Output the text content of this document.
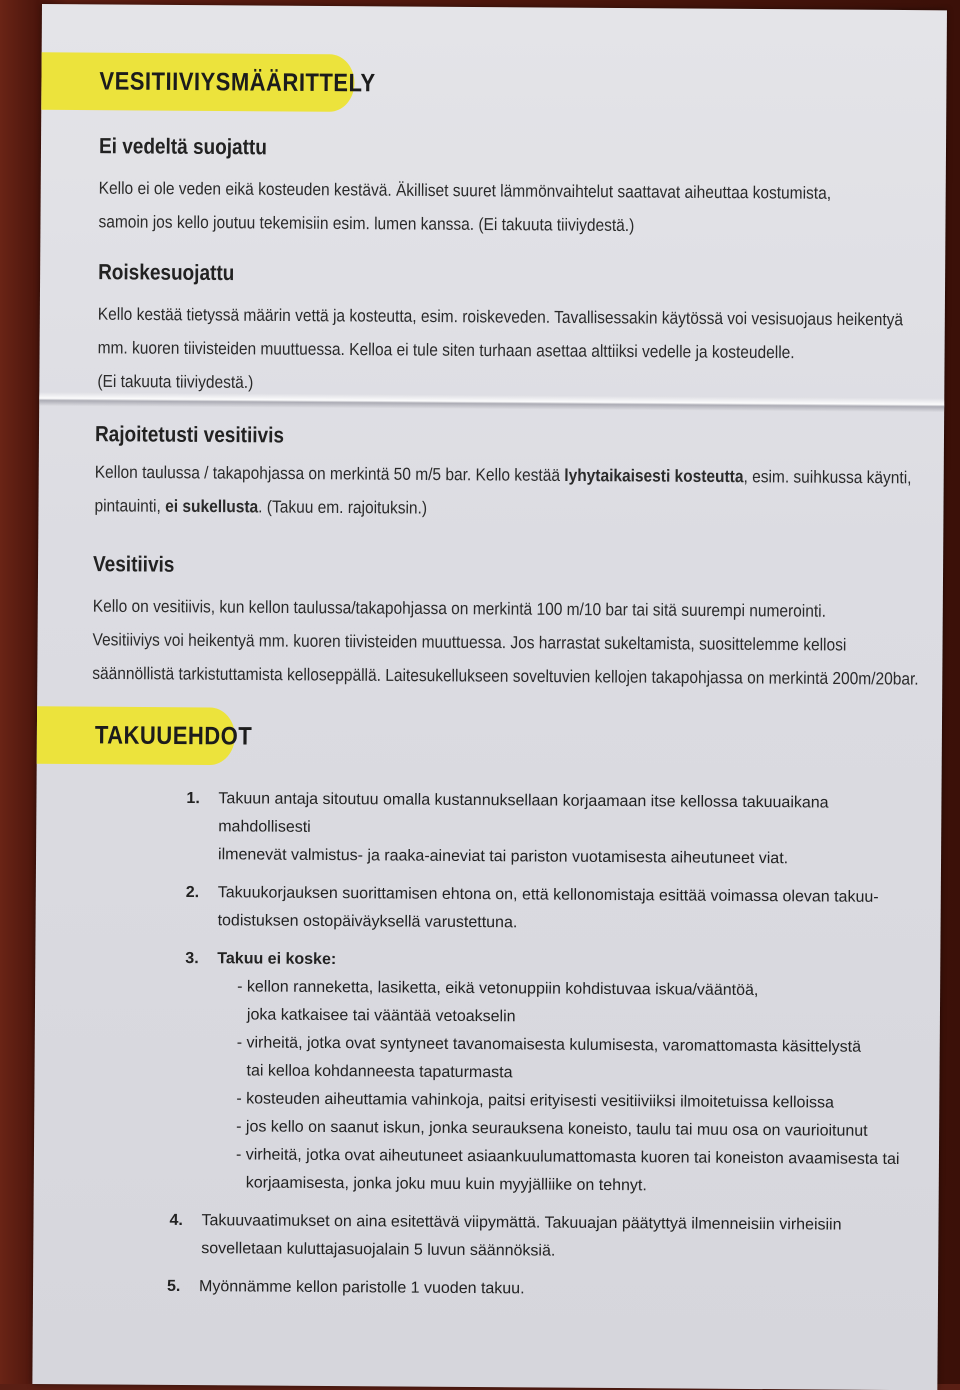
VESITIIVIYSMÄÄRITTELY
Ei vedeltä suojattu

Kello ei ole veden eikä kosteuden kestävä. Äkilliset suuret lämmönvaihtelut saattavat aiheuttaa kostumista,

samoin jos kello joutuu tekemisiin esim. lumen kanssa. (Ei takuuta tiiviydestä.)

Roiskesuojattu

Kello kestää tietyssä määrin vettä ja kosteutta, esim. roiskeveden. Tavallisessakin käytössä voi vesisuojaus heikentyä

mm. kuoren tiivisteiden muuttuessa. Kelloa ei tule siten turhaan asettaa alttiiksi vedelle ja kosteudelle.

(Ei takuuta tiiviydestä.)

Rajoitetusti vesitiivis

Kellon taulussa / takapohjassa on merkintä 50 m/5 bar. Kello kestää lyhytaikaisesti kosteutta, esim. suihkussa käynti,

pintauinti, ei sukellusta. (Takuu em. rajoituksin.)

Vesitiivis

Kello on vesitiivis, kun kellon taulussa/takapohjassa on merkintä 100 m/10 bar tai sitä suurempi numerointi.

Vesitiiviys voi heikentyä mm. kuoren tiivisteiden muuttuessa. Jos harrastat sukeltamista, suosittelemme kellosi

säännöllistä tarkistuttamista kelloseppällä. Laitesukellukseen soveltuvien kellojen takapohjassa on merkintä 200m/20bar.

TAKUUEHDOT
1. Takuun antaja sitoutuu omalla kustannuksellaan korjaamaan itse kellossa takuuaikana mahdollisesti
ilmenevät valmistus- ja raaka-aineviat tai pariston vuotamisesta aiheutuneet viat.
2. Takuukorjauksen suorittamisen ehtona on, että kellonomistaja esittää voimassa olevan takuu-
todistuksen ostopäiväyksellä varustettuna.
3. Takuu ei koske:
- kellon ranneketta, lasiketta, eikä vetonuppiin kohdistuvaa iskua/vääntöä,
joka katkaisee tai vääntää vetoakselin
- virheitä, jotka ovat syntyneet tavanomaisesta kulumisesta, varomattomasta käsittelystä
tai kelloa kohdanneesta tapaturmasta
- kosteuden aiheuttamia vahinkoja, paitsi erityisesti vesitiiviiksi ilmoitetuissa kelloissa
- jos kello on saanut iskun, jonka seurauksena koneisto, taulu tai muu osa on vaurioitunut
- virheitä, jotka ovat aiheutuneet asiaankuulumattomasta kuoren tai koneiston avaamisesta tai
korjaamisesta, jonka joku muu kuin myyjälliike on tehnyt.
4. Takuuvaatimukset on aina esitettävä viipymättä. Takuuajan päätyttyä ilmenneisiin virheisiin
sovelletaan kuluttajasuojalain 5 luvun säännöksiä.
5. Myönnämme kellon paristolle 1 vuoden takuu.
